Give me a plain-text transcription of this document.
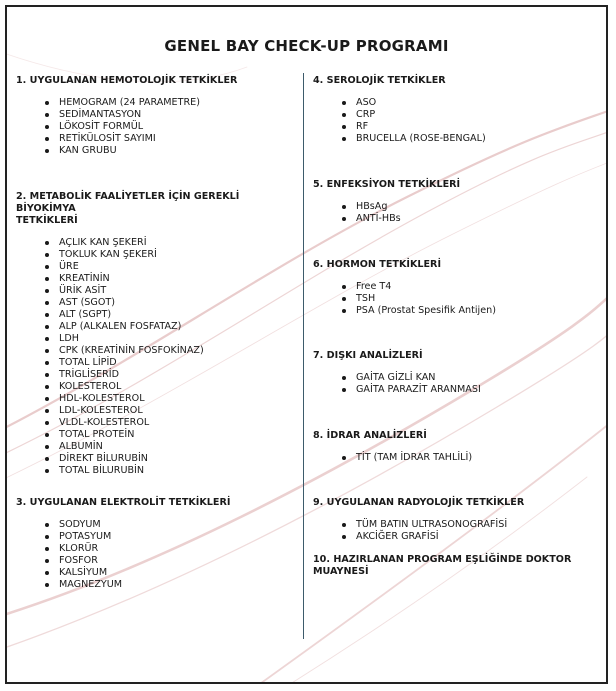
GENEL BAY CHECK-UP PROGRAMI

1. UYGULANAN HEMOTOLOJİK TETKİKLER

HEMOGRAM (24 PARAMETRE)
SEDİMANTASYON
LÖKOSİT FORMÜL
RETİKÜLOSİT SAYIMI
KAN GRUBU

2. METABOLİK FAALİYETLER İÇİN GEREKLİ BİYOKİMYA
TETKİKLERİ

AÇLIK KAN ŞEKERİ
TOKLUK KAN ŞEKERİ
ÜRE
KREATİNİN
ÜRİK ASİT
AST (SGOT)
ALT (SGPT)
ALP (ALKALEN FOSFATAZ)
LDH
CPK (KREATİNİN FOSFOKİNAZ)
TOTAL LİPİD
TRİGLİSERİD
KOLESTEROL
HDL-KOLESTEROL
LDL-KOLESTEROL
VLDL-KOLESTEROL
TOTAL PROTEİN
ALBUMİN
DİREKT BİLURUBİN
TOTAL BİLURUBİN

3. UYGULANAN ELEKTROLİT TETKİKLERİ

SODYUM
POTASYUM
KLORÜR
FOSFOR
KALSİYUM
MAGNEZYUM

4. SEROLOJİK TETKİKLER

ASO
CRP
RF
BRUCELLA (ROSE-BENGAL)

5. ENFEKSİYON TETKİKLERİ

HBsAg
ANTİ-HBs

6. HORMON TETKİKLERİ

Free T4
TSH
PSA (Prostat Spesifik Antijen)

7. DIŞKI ANALİZLERİ

GAİTA GİZLİ KAN
GAİTA PARAZİT ARANMASI

8. İDRAR ANALİZLERİ

TİT (TAM İDRAR TAHLİLİ)

9. UYGULANAN RADYOLOJİK TETKİKLER

TÜM BATIN ULTRASONOGRAFİSİ
AKCİĞER GRAFİSİ

10. HAZIRLANAN PROGRAM EŞLİĞİNDE DOKTOR MUAYNESİ
